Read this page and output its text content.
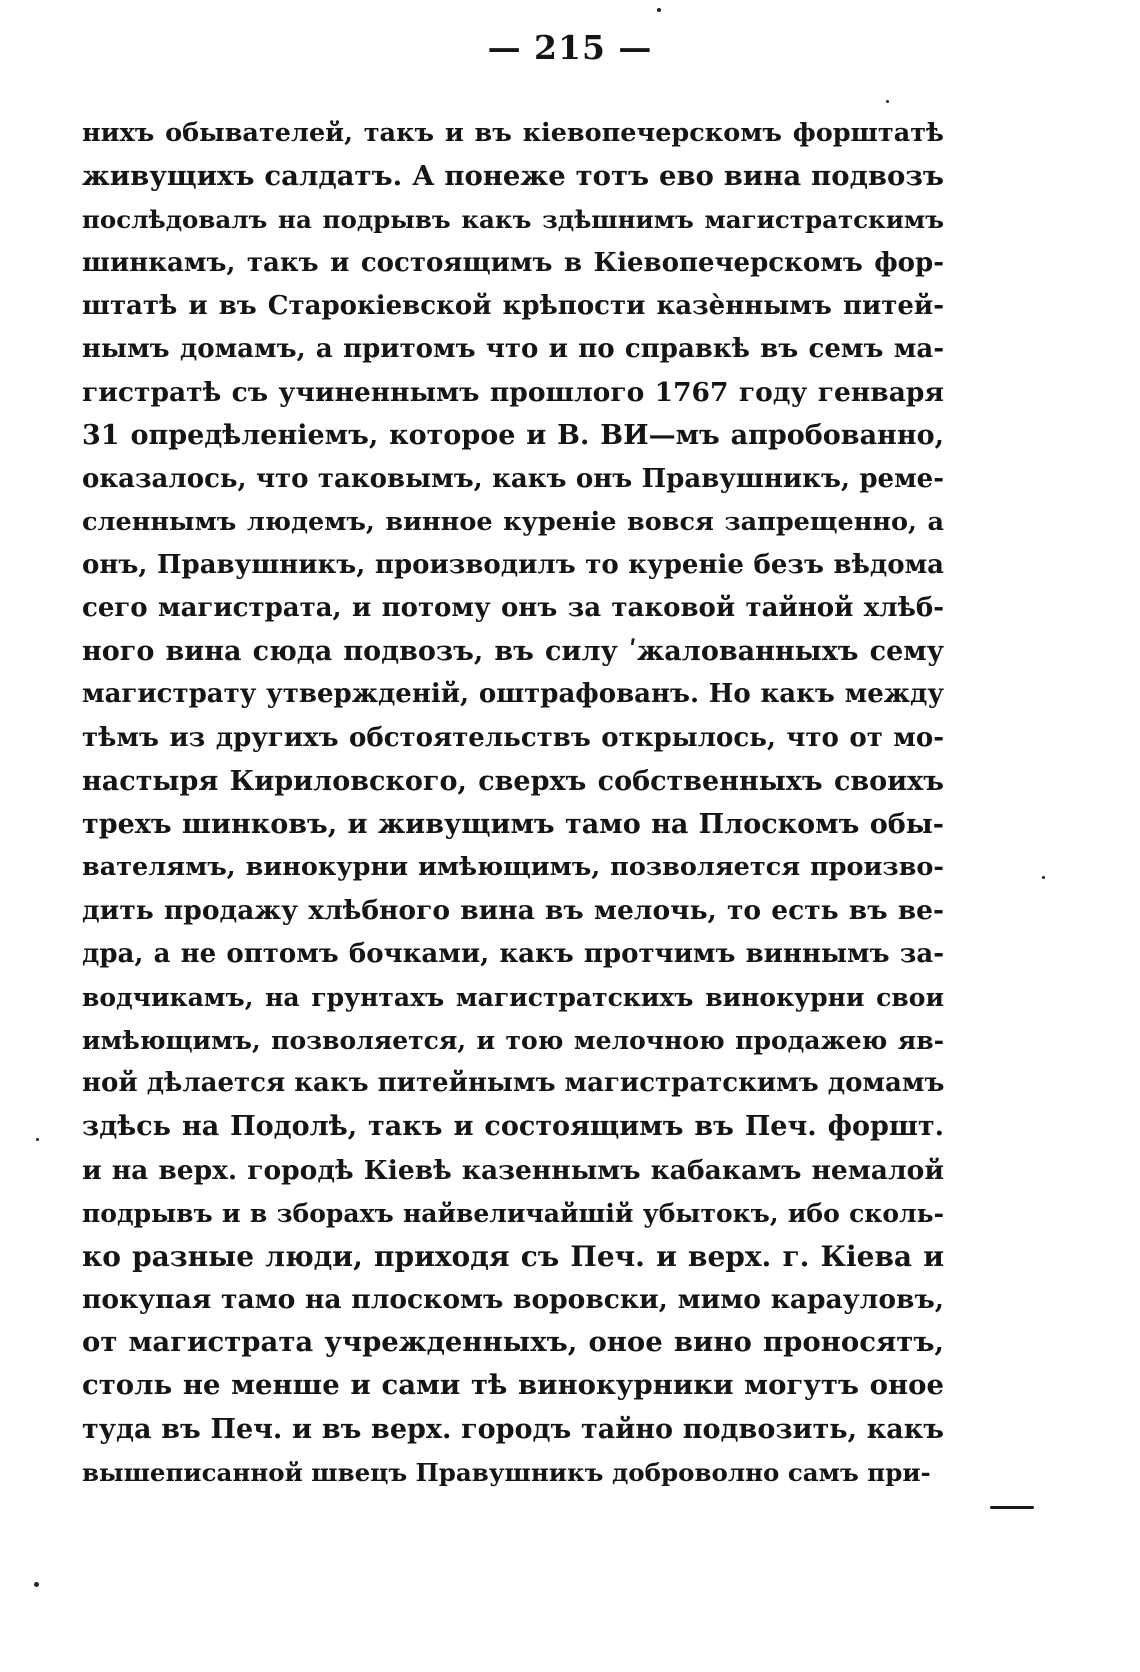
— 215 —
нихъ обывателей, такъ и въ кіевопечерскомъ форштатѣ
живущихъ салдатъ. А понеже тотъ ево вина подвозъ
послѣдовалъ на подрывъ какъ здѣшнимъ магистратскимъ
шинкамъ, такъ и состоящимъ в Кіевопечерскомъ фор-
штатѣ и въ Старокіевской крѣпости казѐннымъ питей-
нымъ домамъ, а притомъ что и по справкѣ въ семъ ма-
гистратѣ съ учиненнымъ прошлого 1767 году генваря
31 опредѣленіемъ, которое и В. ВИ—мъ апробованно,
оказалось, что таковымъ, какъ онъ Правушникъ, реме-
сленнымъ людемъ, винное куреніе вовся запрещенно, а
онъ, Правушникъ, производилъ то куреніе безъ вѣдома
сего магистрата, и потому онъ за таковой тайной хлѣб-
ного вина сюда подвозъ, въ силу ʹжалованныхъ сему
магистрату утвержденій, оштрафованъ. Но какъ между
тѣмъ из другихъ обстоятельствъ открылось, что от мо-
настыря Кириловского, сверхъ собственныхъ своихъ
трехъ шинковъ, и живущимъ тамо на Плоскомъ обы-
вателямъ, винокурни имѣющимъ, позволяется произво-
дить продажу хлѣбного вина въ мелочь, то есть въ ве-
дра, а не оптомъ бочками, какъ протчимъ виннымъ за-
водчикамъ, на грунтахъ магистратскихъ винокурни свои
имѣющимъ, позволяется, и тою мелочною продажею яв-
ной дѣлается какъ питейнымъ магистратскимъ домамъ
здѣсь на Подолѣ, такъ и состоящимъ въ Печ. форшт.
и на верх. городѣ Кіевѣ казеннымъ кабакамъ немалой
подрывъ и в зборахъ найвеличайшій убытокъ, ибо сколь-
ко разные люди, приходя съ Печ. и верх. г. Кіева и
покупая тамо на плоскомъ воровски, мимо карауловъ,
от магистрата учрежденныхъ, оное вино проносятъ,
столь не менше и сами тѣ винокурники могутъ оное
туда въ Печ. и въ верх. городъ тайно подвозить, какъ
вышеписанной швецъ Правушникъ доброволно самъ при-
